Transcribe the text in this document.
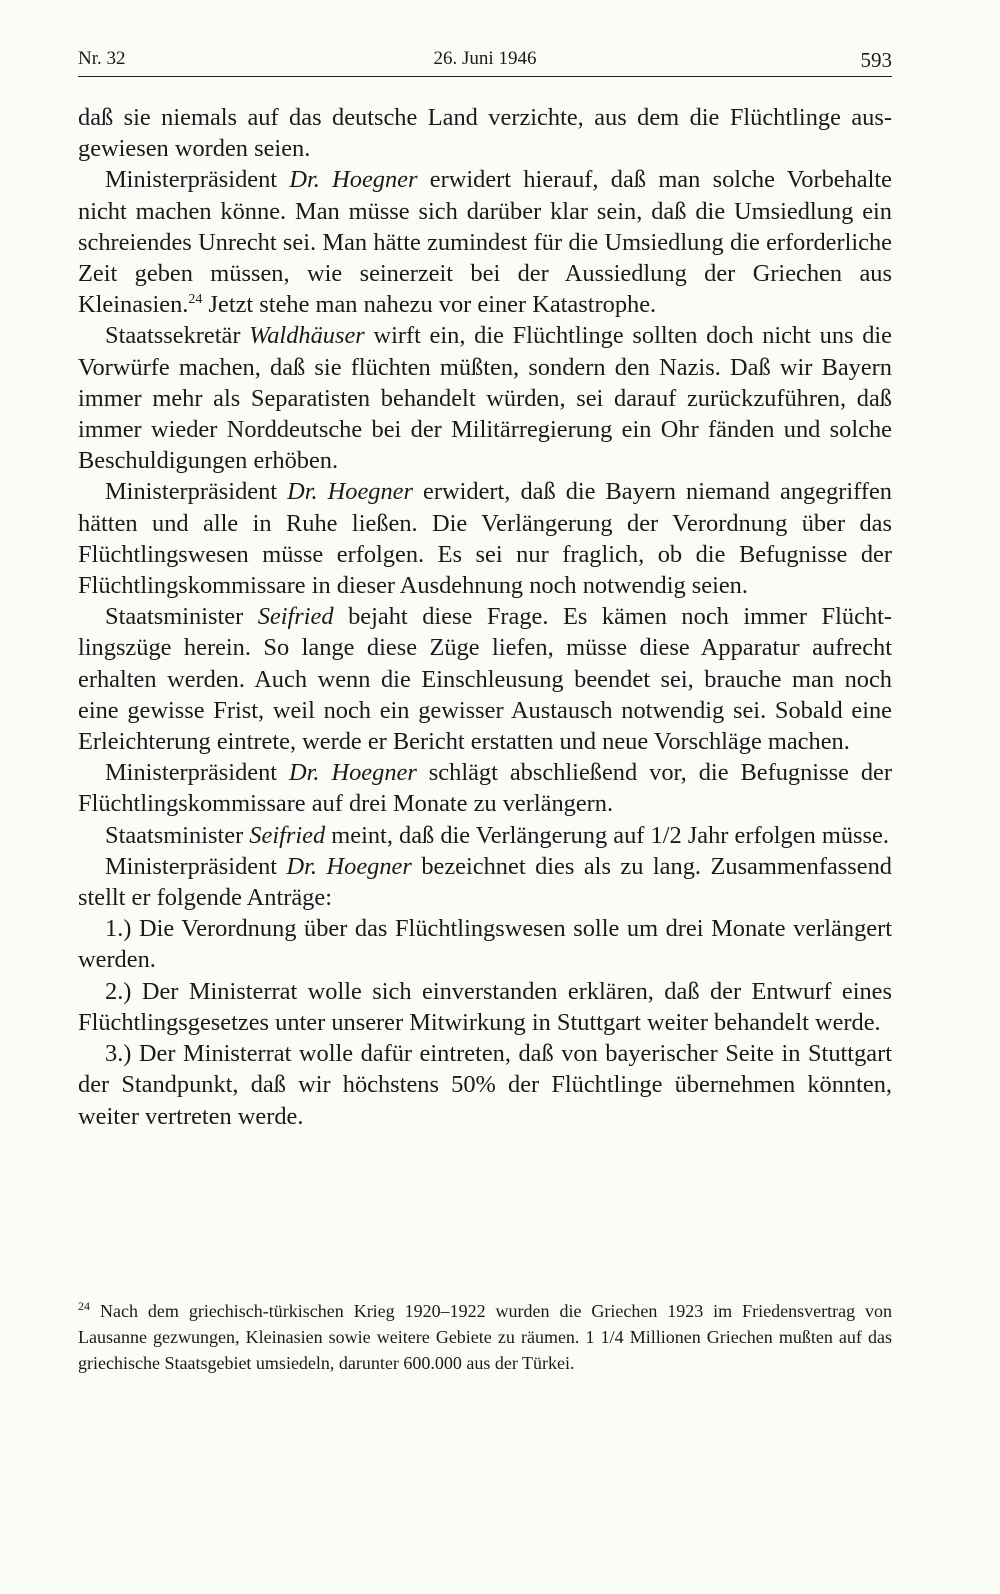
Nr. 32	26. Juni 1946	593

daß sie niemals auf das deutsche Land verzichte, aus dem die Flüchtlinge ausgewiesen worden seien.

Ministerpräsident Dr. Hoegner erwidert hierauf, daß man solche Vorbehalte nicht machen könne. Man müsse sich darüber klar sein, daß die Umsiedlung ein schreiendes Unrecht sei. Man hätte zumindest für die Umsiedlung die erforderliche Zeit geben müssen, wie seinerzeit bei der Aussiedlung der Griechen aus Kleinasien.$^{24}$ Jetzt stehe man nahezu vor einer Katastrophe.

Staatssekretär Waldhäuser wirft ein, die Flüchtlinge sollten doch nicht uns die Vorwürfe machen, daß sie flüchten müßten, sondern den Nazis. Daß wir Bayern immer mehr als Separatisten behandelt würden, sei darauf zurückzuführen, daß immer wieder Norddeutsche bei der Militärregierung ein Ohr fänden und solche Beschuldigungen erhöben.

Ministerpräsident Dr. Hoegner erwidert, daß die Bayern niemand angegriffen hätten und alle in Ruhe ließen. Die Verlängerung der Verordnung über das Flüchtlingswesen müsse erfolgen. Es sei nur fraglich, ob die Befugnisse der Flüchtlingskommissare in dieser Ausdehnung noch notwendig seien.

Staatsminister Seifried bejaht diese Frage. Es kämen noch immer Flüchtlingszüge herein. So lange diese Züge liefen, müsse diese Apparatur aufrecht erhalten werden. Auch wenn die Einschleusung beendet sei, brauche man noch eine gewisse Frist, weil noch ein gewisser Austausch notwendig sei. Sobald eine Erleichterung eintrete, werde er Bericht erstatten und neue Vorschläge machen.

Ministerpräsident Dr. Hoegner schlägt abschließend vor, die Befugnisse der Flüchtlingskommissare auf drei Monate zu verlängern.

Staatsminister Seifried meint, daß die Verlängerung auf 1/2 Jahr erfolgen müsse.

Ministerpräsident Dr. Hoegner bezeichnet dies als zu lang. Zusammenfassend stellt er folgende Anträge:

1.) Die Verordnung über das Flüchtlingswesen solle um drei Monate verlängert werden.

2.) Der Ministerrat wolle sich einverstanden erklären, daß der Entwurf eines Flüchtlingsgesetzes unter unserer Mitwirkung in Stuttgart weiter behandelt werde.

3.) Der Ministerrat wolle dafür eintreten, daß von bayerischer Seite in Stuttgart der Standpunkt, daß wir höchstens 50% der Flüchtlinge übernehmen könnten, weiter vertreten werde.

$^{24}$ Nach dem griechisch-türkischen Krieg 1920–1922 wurden die Griechen 1923 im Friedensvertrag von Lausanne gezwungen, Kleinasien sowie weitere Gebiete zu räumen. 1 1/4 Millionen Griechen mußten auf das griechische Staatsgebiet umsiedeln, darunter 600.000 aus der Türkei.
